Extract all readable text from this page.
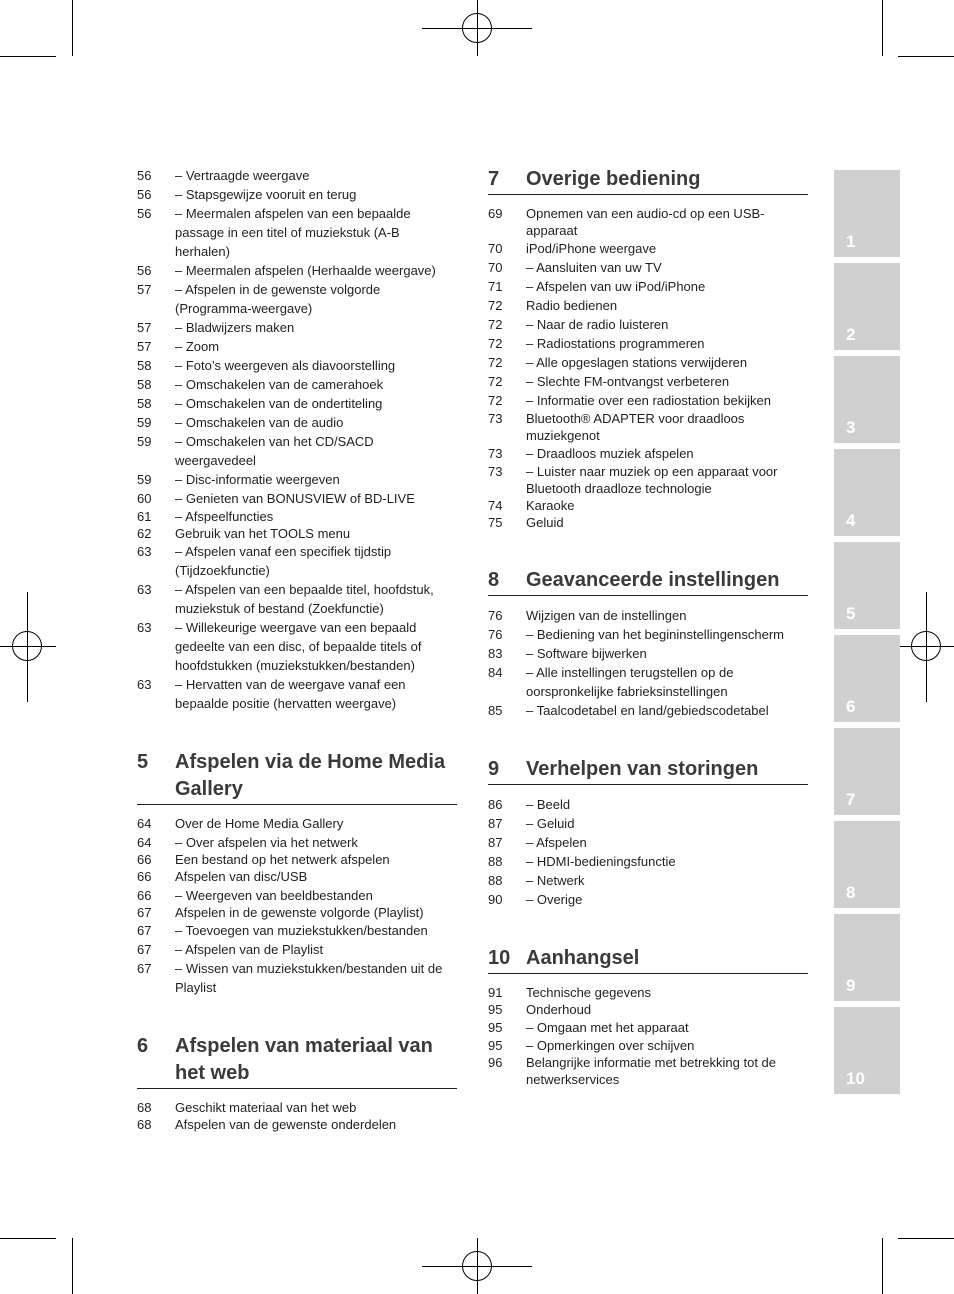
56 – Vertraagde weergave
56 – Stapsgewijze vooruit en terug
56 – Meermalen afspelen van een bepaalde passage in een titel of muziekstuk (A-B herhalen)
56 – Meermalen afspelen (Herhaalde weergave)
57 – Afspelen in de gewenste volgorde (Programma-weergave)
57 – Bladwijzers maken
57 – Zoom
58 – Foto’s weergeven als diavoorstelling
58 – Omschakelen van de camerahoek
58 – Omschakelen van de ondertiteling
59 – Omschakelen van de audio
59 – Omschakelen van het CD/SACD weergavedeel
59 – Disc-informatie weergeven
60 – Genieten van BONUSVIEW of BD-LIVE
61 – Afspeelfuncties
62 Gebruik van het TOOLS menu
63 – Afspelen vanaf een specifiek tijdstip (Tijdzoekfunctie)
63 – Afspelen van een bepaalde titel, hoofdstuk, muziekstuk of bestand (Zoekfunctie)
63 – Willekeurige weergave van een bepaald gedeelte van een disc, of bepaalde titels of hoofdstukken (muziekstukken/bestanden)
63 – Hervatten van de weergave vanaf een bepaalde positie (hervatten weergave)
5 Afspelen via de Home Media Gallery
64 Over de Home Media Gallery
64 – Over afspelen via het netwerk
66 Een bestand op het netwerk afspelen
66 Afspelen van disc/USB
66 – Weergeven van beeldbestanden
67 Afspelen in de gewenste volgorde (Playlist)
67 – Toevoegen van muziekstukken/bestanden
67 – Afspelen van de Playlist
67 – Wissen van muziekstukken/bestanden uit de Playlist
6 Afspelen van materiaal van het web
68 Geschikt materiaal van het web
68 Afspelen van de gewenste onderdelen
7 Overige bediening
69 Opnemen van een audio-cd op een USB-apparaat
70 iPod/iPhone weergave
70 – Aansluiten van uw TV
71 – Afspelen van uw iPod/iPhone
72 Radio bedienen
72 – Naar de radio luisteren
72 – Radiostations programmeren
72 – Alle opgeslagen stations verwijderen
72 – Slechte FM-ontvangst verbeteren
72 – Informatie over een radiostation bekijken
73 Bluetooth® ADAPTER voor draadloos muziekgenot
73 – Draadloos muziek afspelen
73 – Luister naar muziek op een apparaat voor Bluetooth draadloze technologie
74 Karaoke
75 Geluid
8 Geavanceerde instellingen
76 Wijzigen van de instellingen
76 – Bediening van het begininstellingenscherm
83 – Software bijwerken
84 – Alle instellingen terugstellen op de oorspronkelijke fabrieksinstellingen
85 – Taalcodetabel en land/gebiedscodetabel
9 Verhelpen van storingen
86 – Beeld
87 – Geluid
87 – Afspelen
88 – HDMI-bedieningsfunctie
88 – Netwerk
90 – Overige
10 Aanhangsel
91 Technische gegevens
95 Onderhoud
95 – Omgaan met het apparaat
95 – Opmerkingen over schijven
96 Belangrijke informatie met betrekking tot de netwerkservices
1
2
3
4
5
6
7
8
9
10
